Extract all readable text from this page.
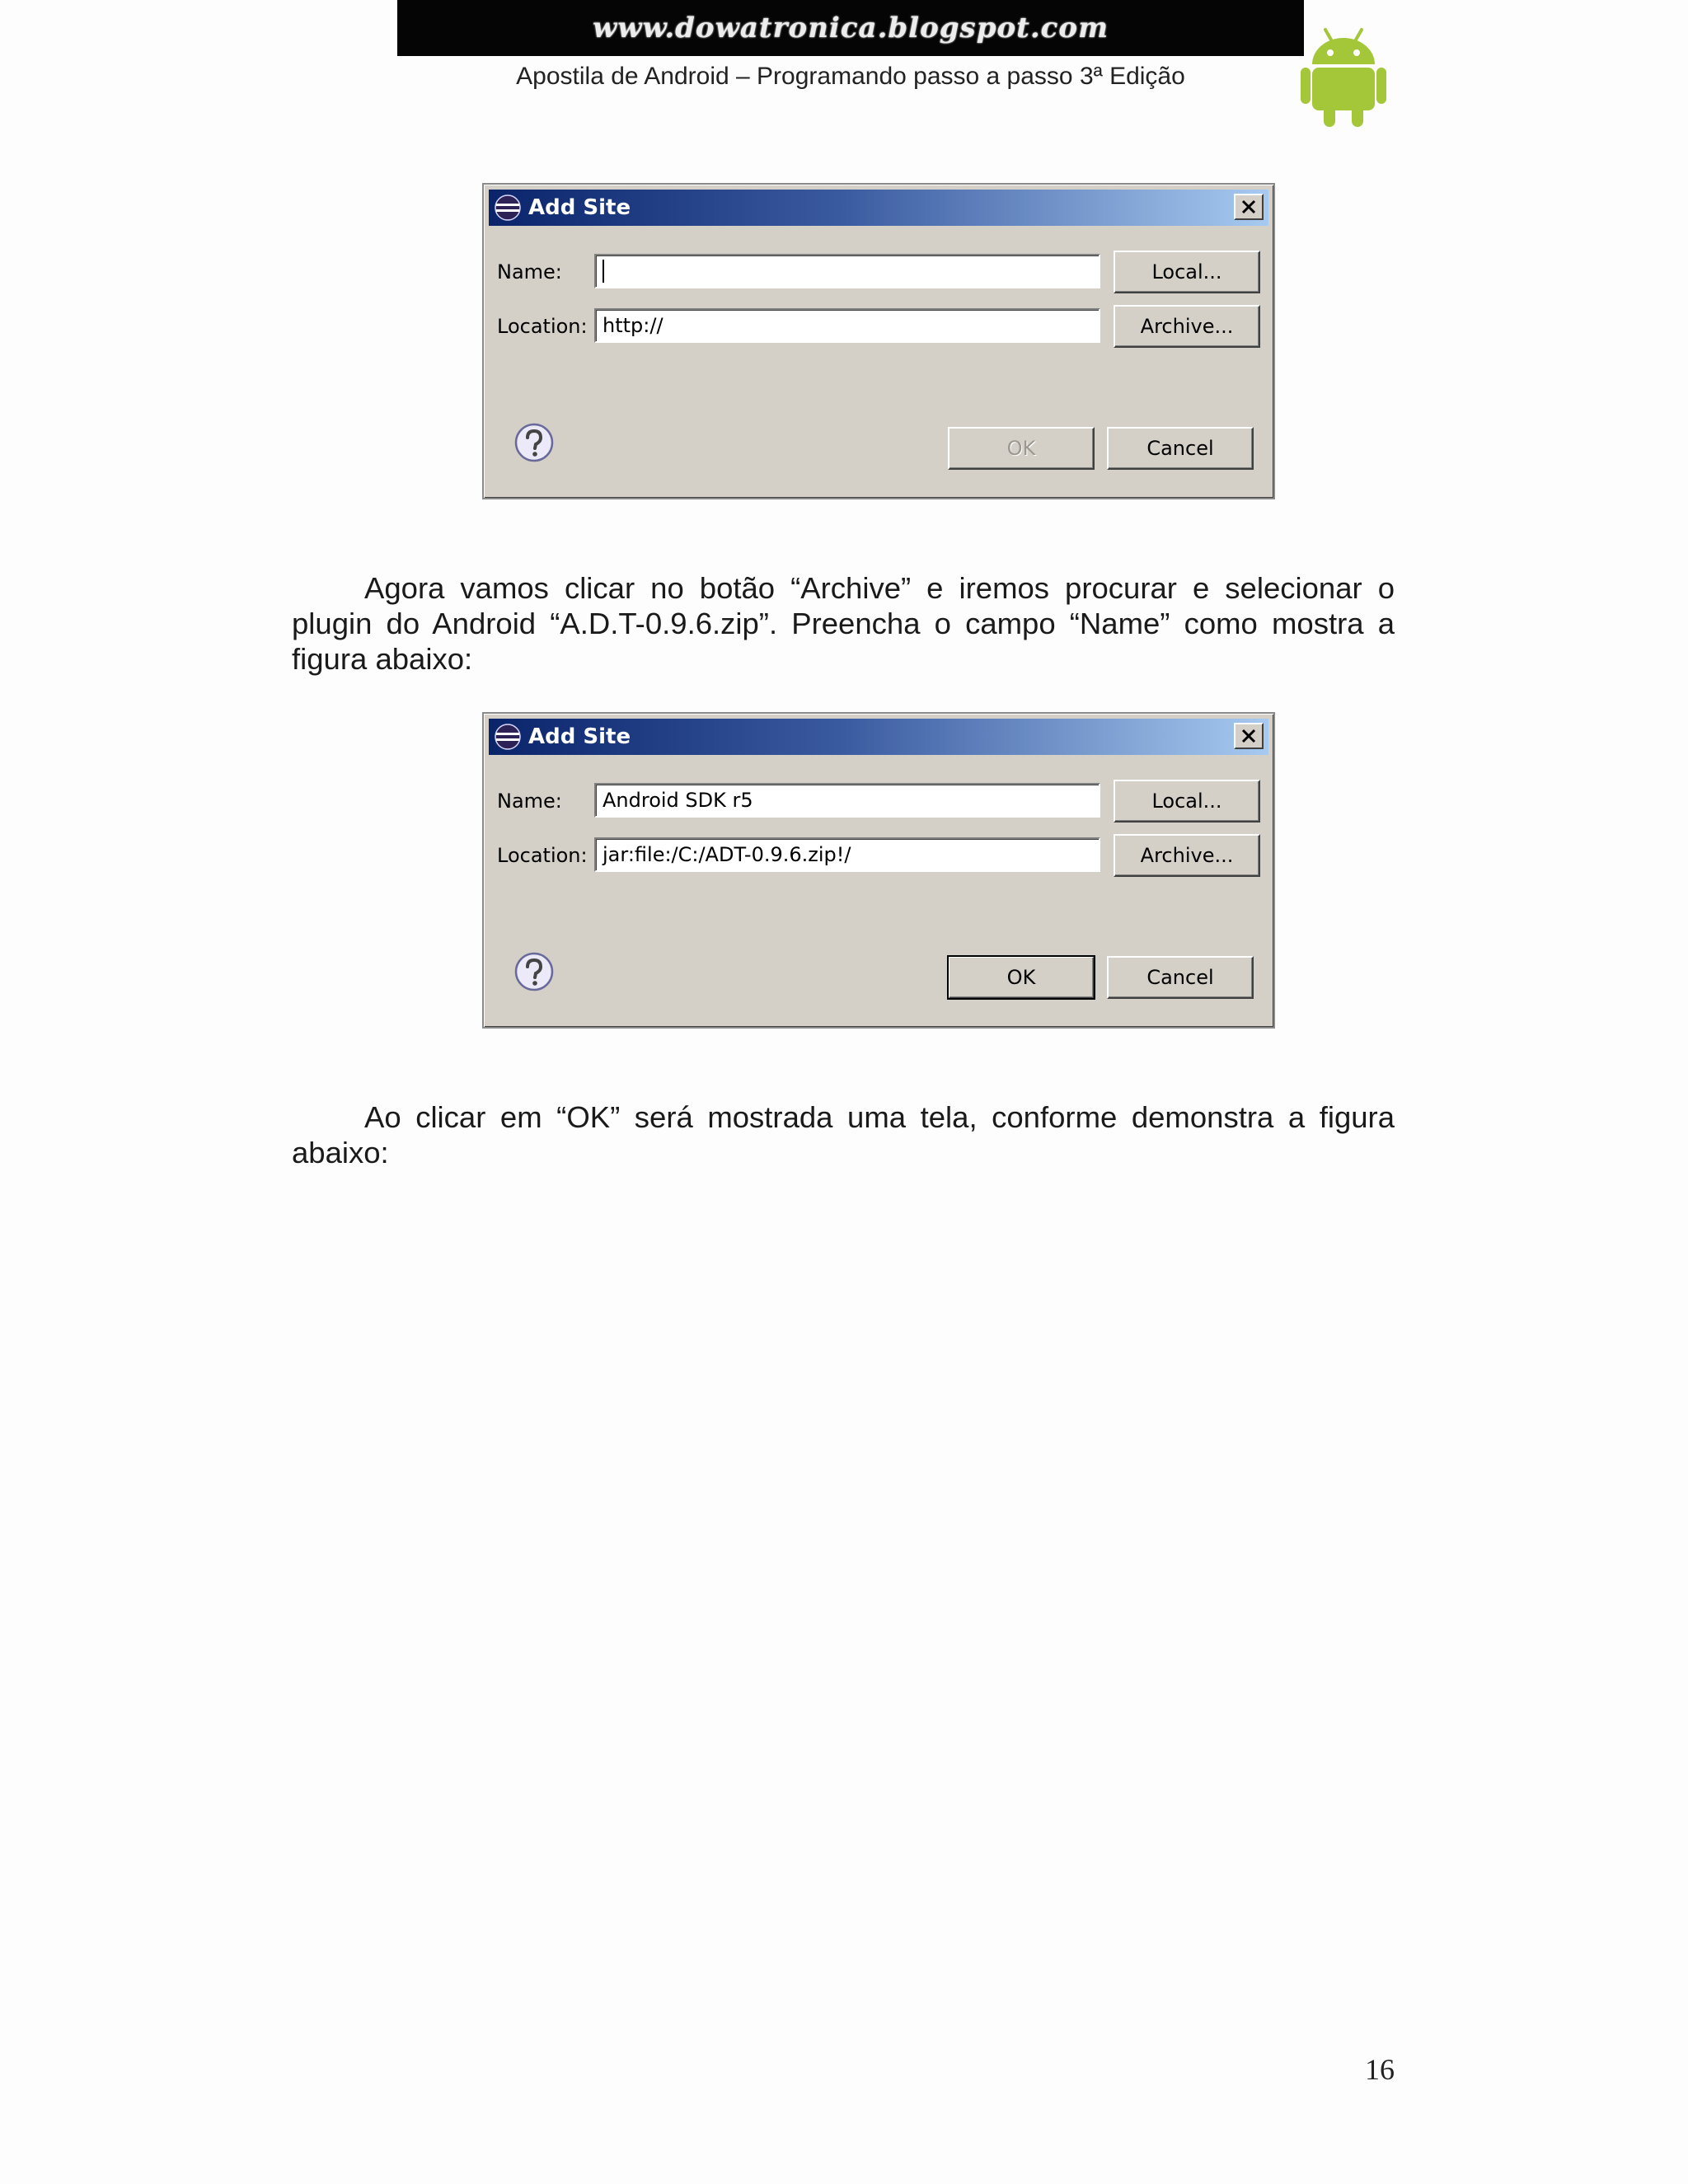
www.dowatronica.blogspot.com
Apostila de Android – Programando passo a passo 3ª Edição
Add Site
Name:	Local...
Location: http://	Archive...
OK	Cancel

Agora vamos clicar no botão “Archive” e iremos procurar e selecionar o plugin do Android “A.D.T-0.9.6.zip”. Preencha o campo “Name” como mostra a figura abaixo:

Add Site
Name: Android SDK r5	Local...
Location: jar:file:/C:/ADT-0.9.6.zip!/	Archive...
OK	Cancel

Ao clicar em “OK” será mostrada uma tela, conforme demonstra a figura abaixo:

16
